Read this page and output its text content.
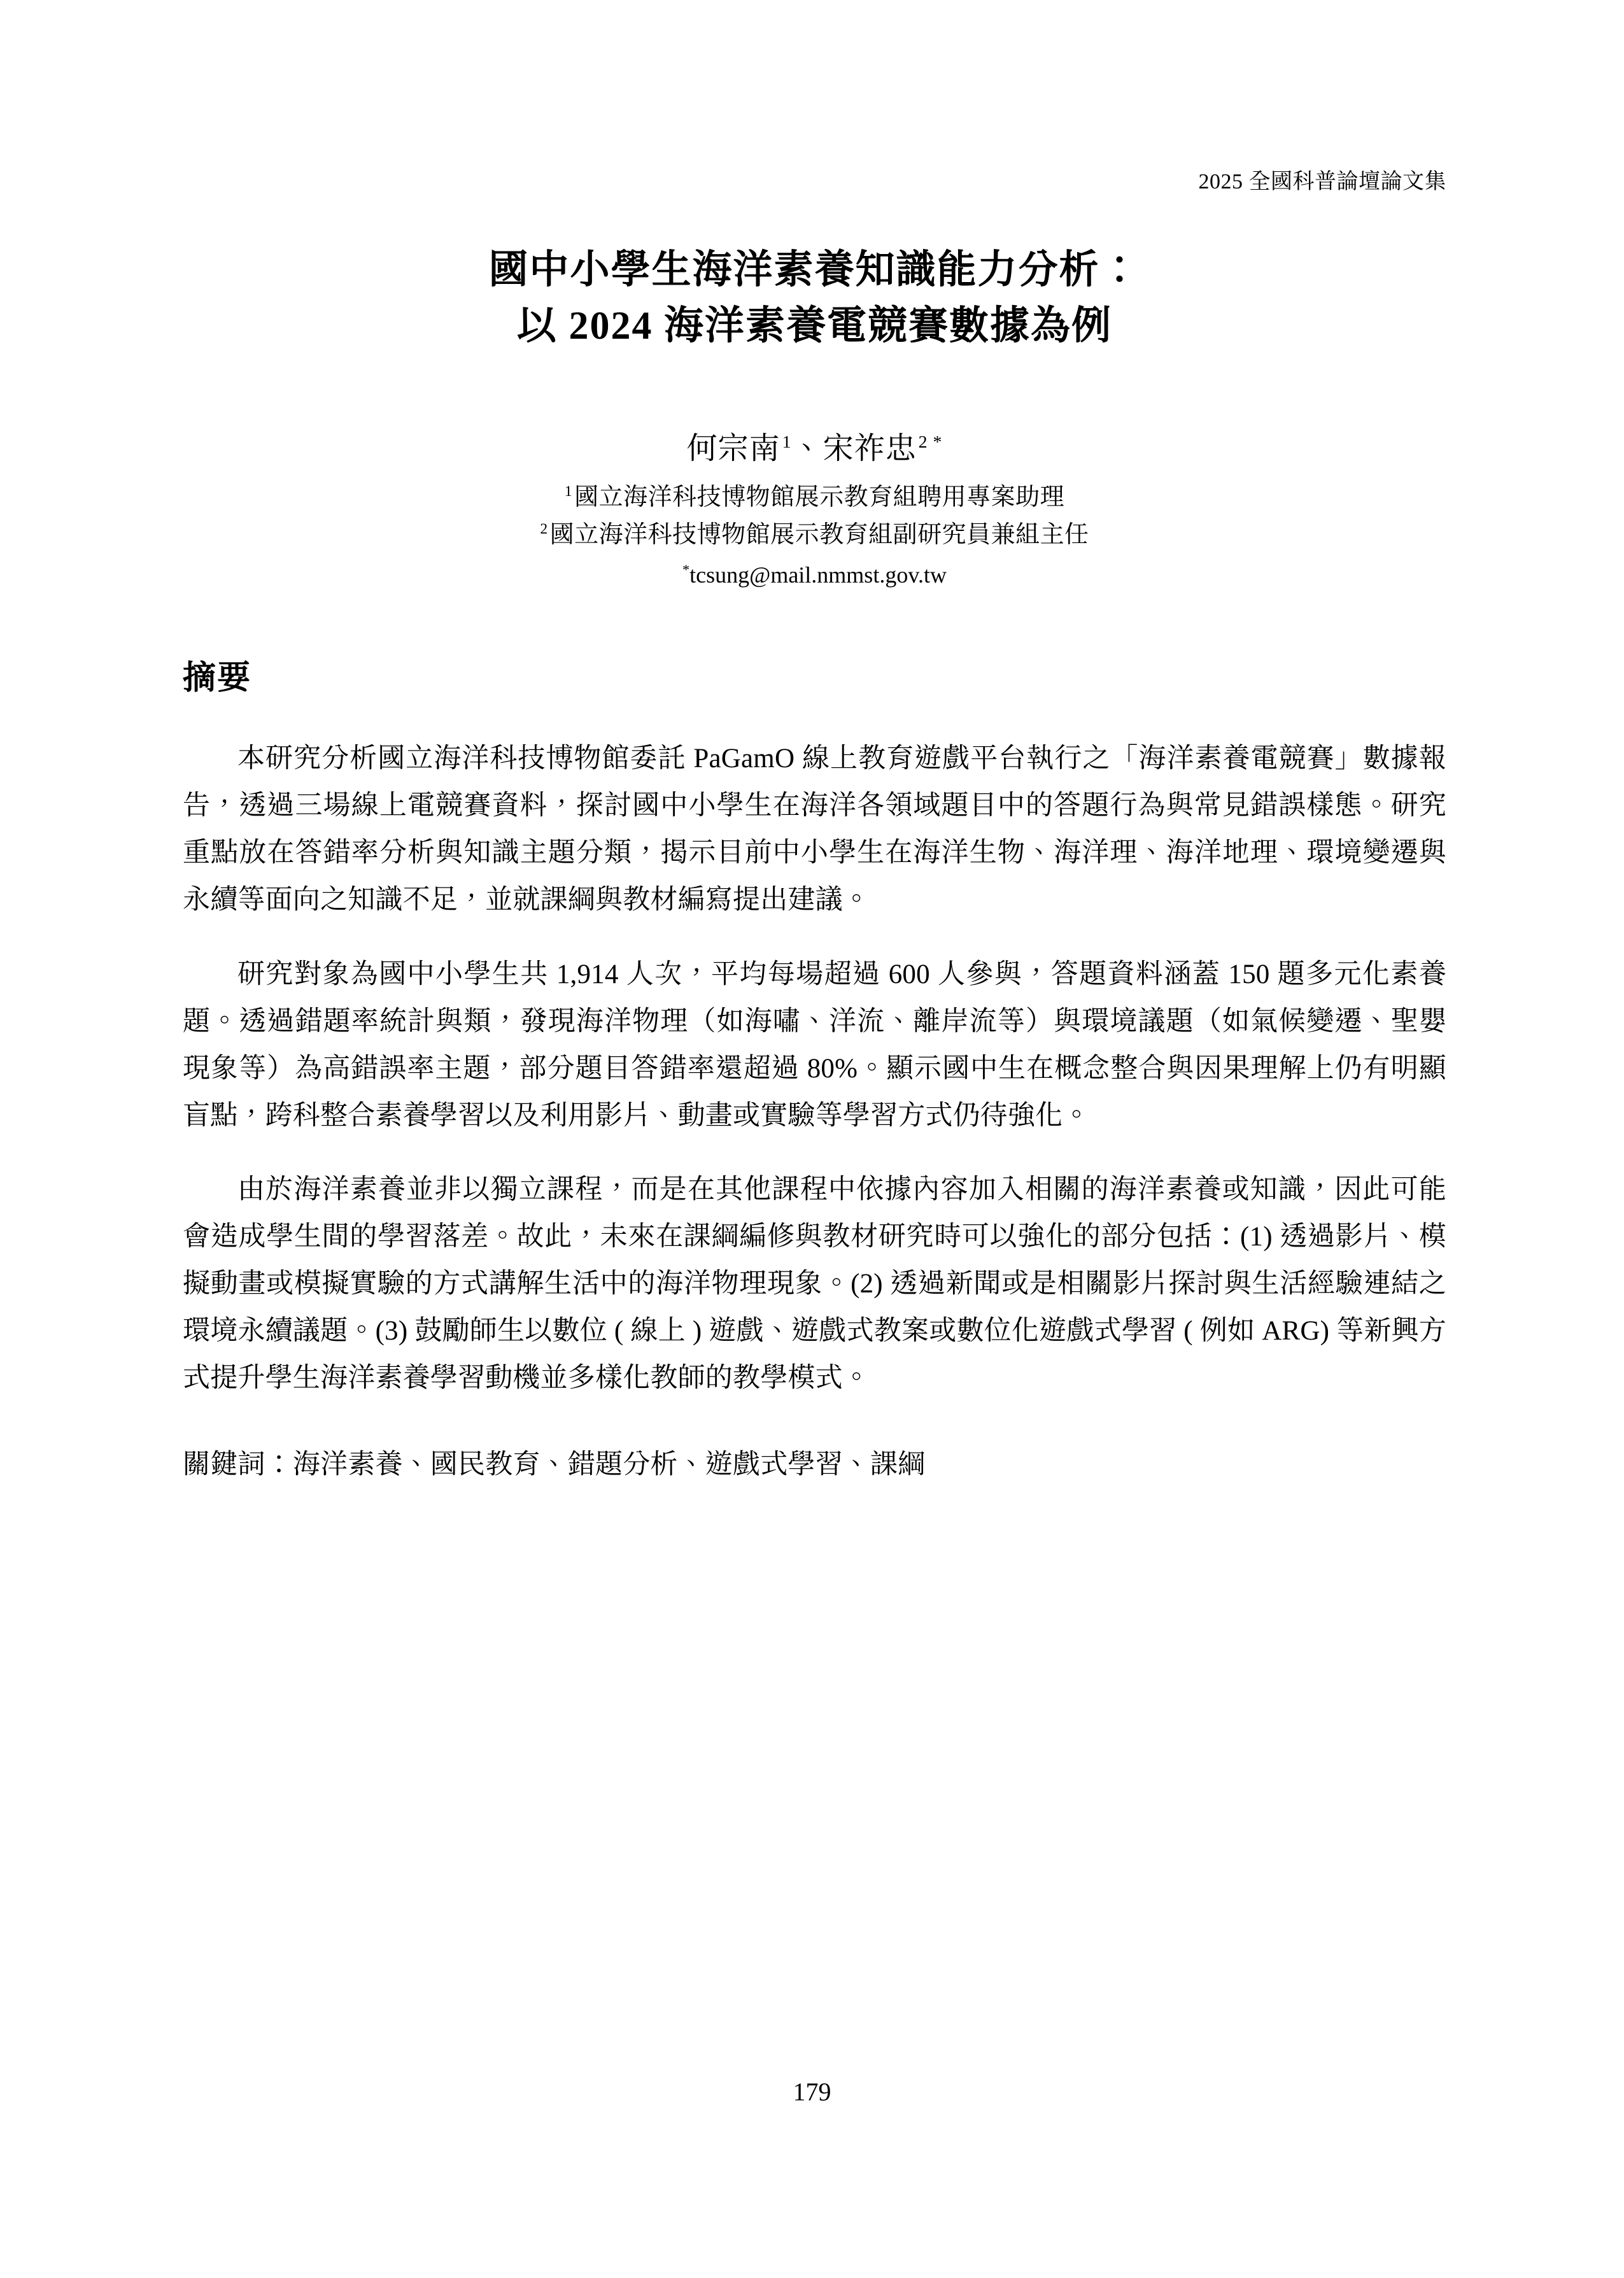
2025 全國科普論壇論文集
國中小學生海洋素養知識能力分析：
以 2024 海洋素養電競賽數據為例
何宗南 $^1$、宋祚忠 $^{2 *}$
$^1$國立海洋科技博物館展示教育組聘用專案助理
$^2$國立海洋科技博物館展示教育組副研究員兼組主任
*tcsung@mail.nmmst.gov.tw
摘要

本研究分析國立海洋科技博物館委託 PaGamO 線上教育遊戲平台執行之「海洋素養電競賽」數據報告，透過三場線上電競賽資料，探討國中小學生在海洋各領域題目中的答題行為與常見錯誤樣態。研究重點放在答錯率分析與知識主題分類，揭示目前中小學生在海洋生物、海洋理、海洋地理、環境變遷與永續等面向之知識不足，並就課綱與教材編寫提出建議。

研究對象為國中小學生共 1,914 人次，平均每場超過 600 人參與，答題資料涵蓋 150 題多元化素養題。透過錯題率統計與類，發現海洋物理（如海嘯、洋流、離岸流等）與環境議題（如氣候變遷、聖嬰現象等）為高錯誤率主題，部分題目答錯率還超過 80%。顯示國中生在概念整合與因果理解上仍有明顯盲點，跨科整合素養學習以及利用影片、動畫或實驗等學習方式仍待強化。

由於海洋素養並非以獨立課程，而是在其他課程中依據內容加入相關的海洋素養或知識，因此可能會造成學生間的學習落差。故此，未來在課綱編修與教材研究時可以強化的部分包括：(1) 透過影片、模擬動畫或模擬實驗的方式講解生活中的海洋物理現象。(2) 透過新聞或是相關影片探討與生活經驗連結之環境永續議題。(3) 鼓勵師生以數位 ( 線上 ) 遊戲、遊戲式教案或數位化遊戲式學習 ( 例如 ARG) 等新興方式提升學生海洋素養學習動機並多樣化教師的教學模式。

關鍵詞：海洋素養、國民教育、錯題分析、遊戲式學習、課綱
179
